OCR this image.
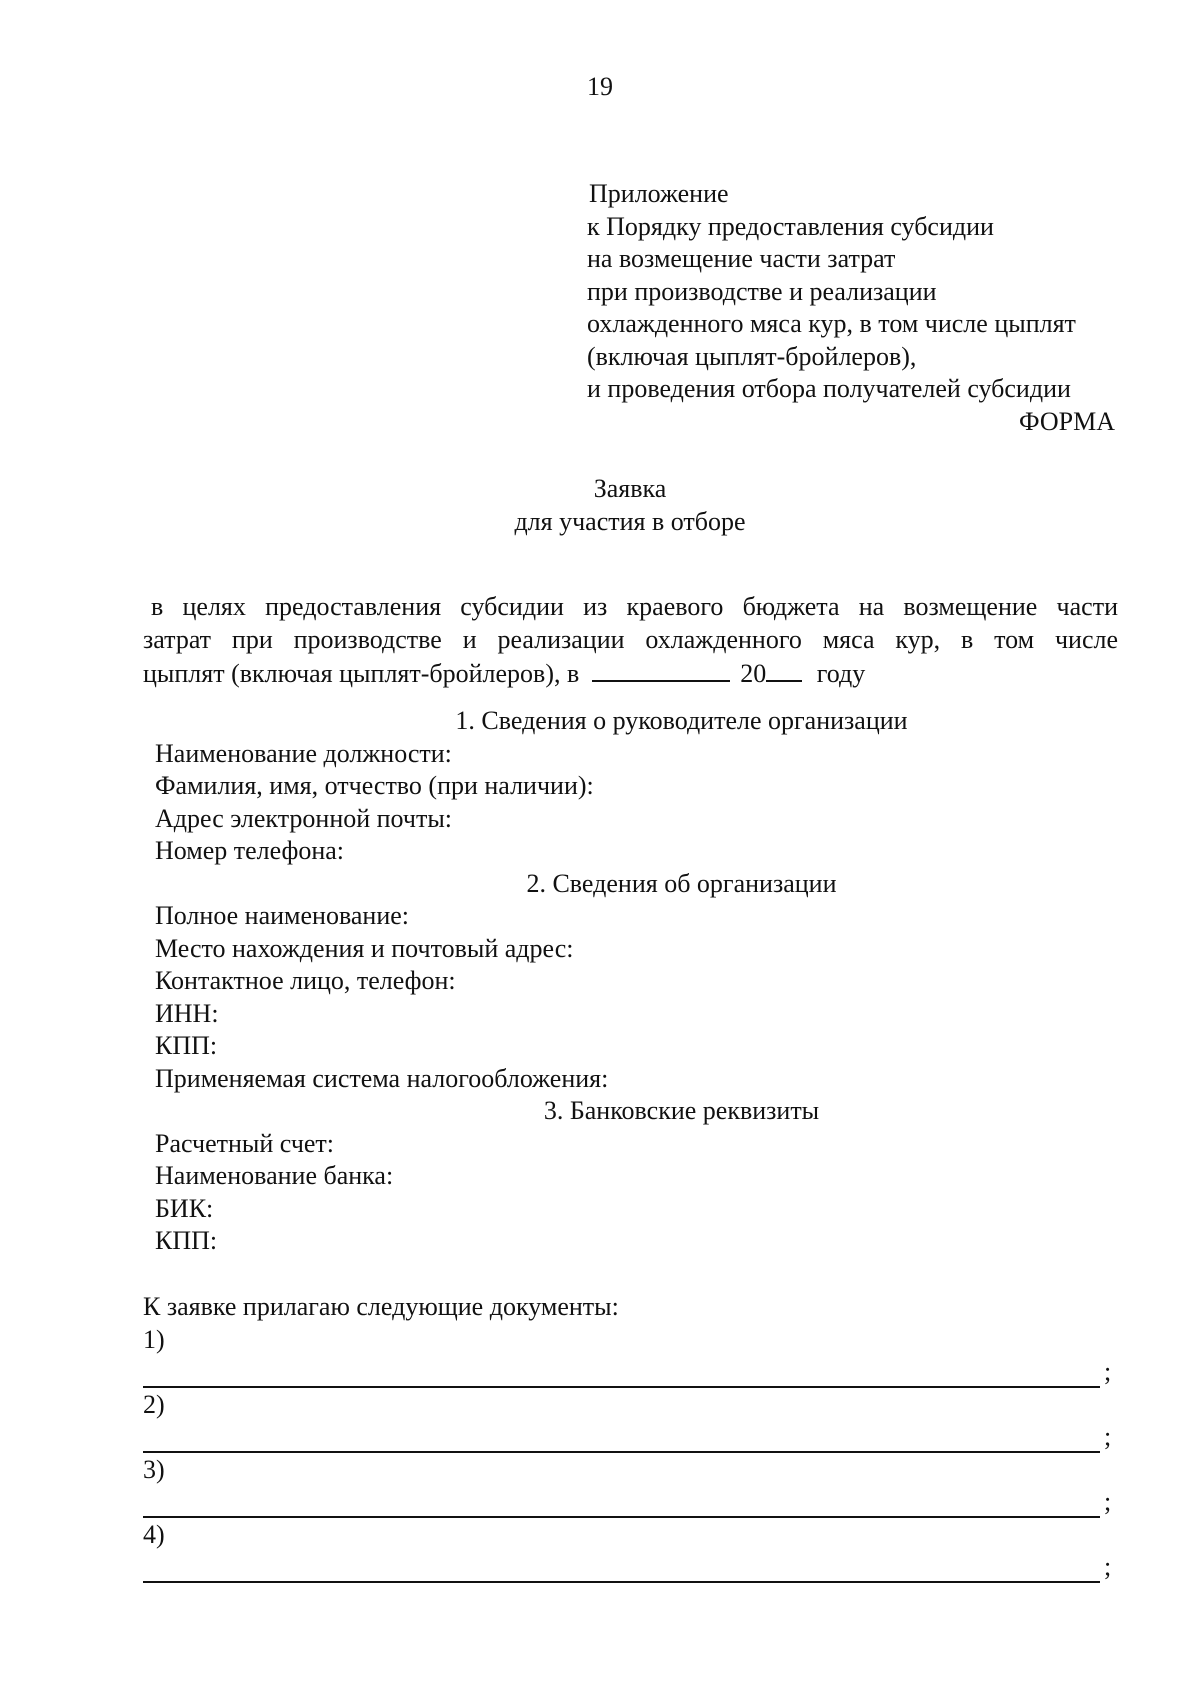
19
Приложение
к Порядку предоставления субсидии
на возмещение части затрат
при производстве и реализации
охлажденного мяса кур, в том числе цыплят
(включая цыплят-бройлеров),
и проведения отбора получателей субсидии
ФОРМА
Заявка
для участия в отборе
в целях предоставления субсидии из краевого бюджета на возмещение части
затрат при производстве и реализации охлажденного мяса кур, в том числе
цыплят (включая цыплят-бройлеров), в	20 году
1. Сведения о руководителе организации
Наименование должности:
Фамилия, имя, отчество (при наличии):
Адрес электронной почты:
Номер телефона:
2. Сведения об организации
Полное наименование:
Место нахождения и почтовый адрес:
Контактное лицо, телефон:
ИНН:
КПП:
Применяемая система налогообложения:
3. Банковские реквизиты
Расчетный счет:
Наименование банка:
БИК:
КПП:
К заявке прилагаю следующие документы:
1)
;
2)
;
3)
;
4)
;
